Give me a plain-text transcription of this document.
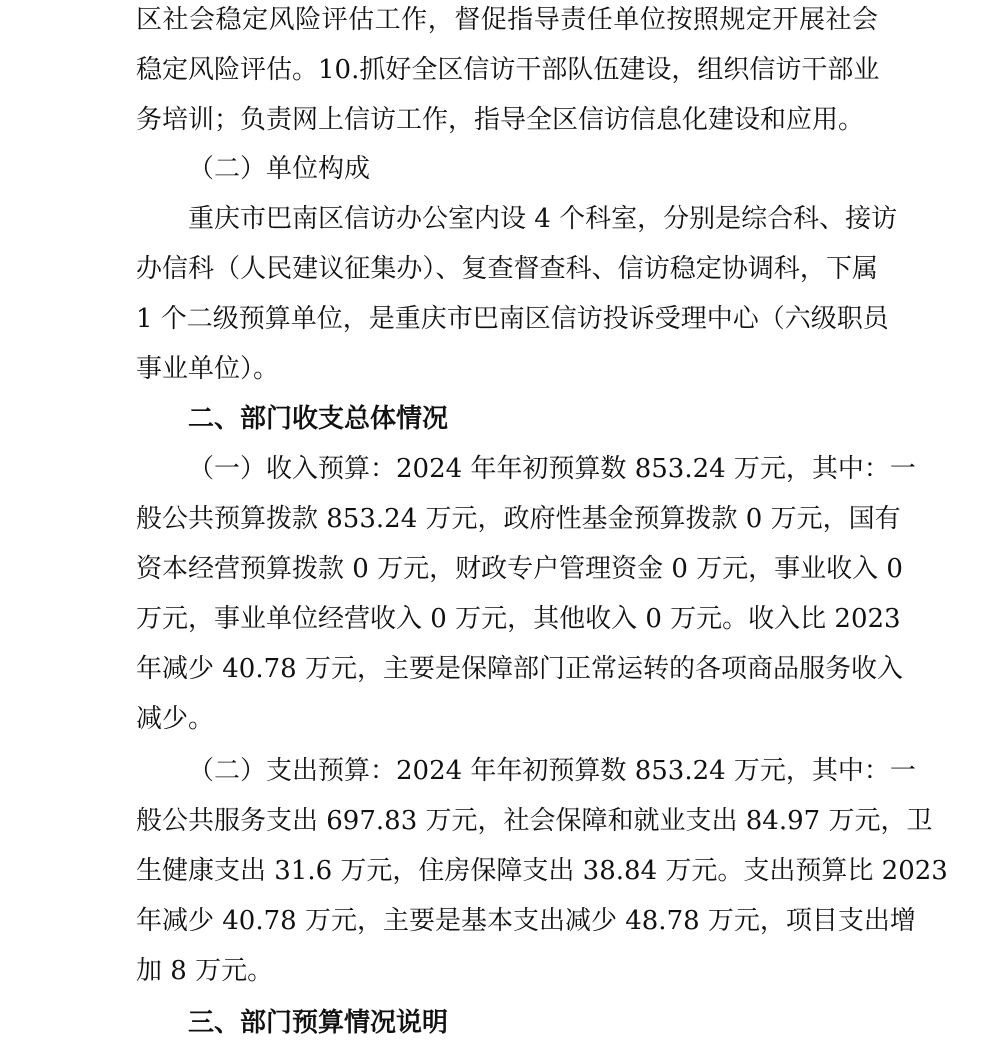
区社会稳定风险评估工作，督促指导责任单位按照规定开展社会
稳定风险评估。10.抓好全区信访干部队伍建设，组织信访干部业
务培训；负责网上信访工作，指导全区信访信息化建设和应用。
（二）单位构成
重庆市巴南区信访办公室内设 4 个科室，分别是综合科、接访
办信科（人民建议征集办）、复查督查科、信访稳定协调科，下属
1 个二级预算单位，是重庆市巴南区信访投诉受理中心（六级职员
事业单位）。
二、部门收支总体情况
（一）收入预算：2024 年年初预算数 853.24 万元，其中：一
般公共预算拨款 853.24 万元，政府性基金预算拨款 0 万元，国有
资本经营预算拨款 0 万元，财政专户管理资金 0 万元，事业收入 0
万元，事业单位经营收入 0 万元，其他收入 0 万元。收入比 2023
年减少 40.78 万元，主要是保障部门正常运转的各项商品服务收入
减少。
（二）支出预算：2024 年年初预算数 853.24 万元，其中：一
般公共服务支出 697.83 万元，社会保障和就业支出 84.97 万元，卫
生健康支出 31.6 万元，住房保障支出 38.84 万元。支出预算比 2023
年减少 40.78 万元，主要是基本支出减少 48.78 万元，项目支出增
加 8 万元。
三、部门预算情况说明
